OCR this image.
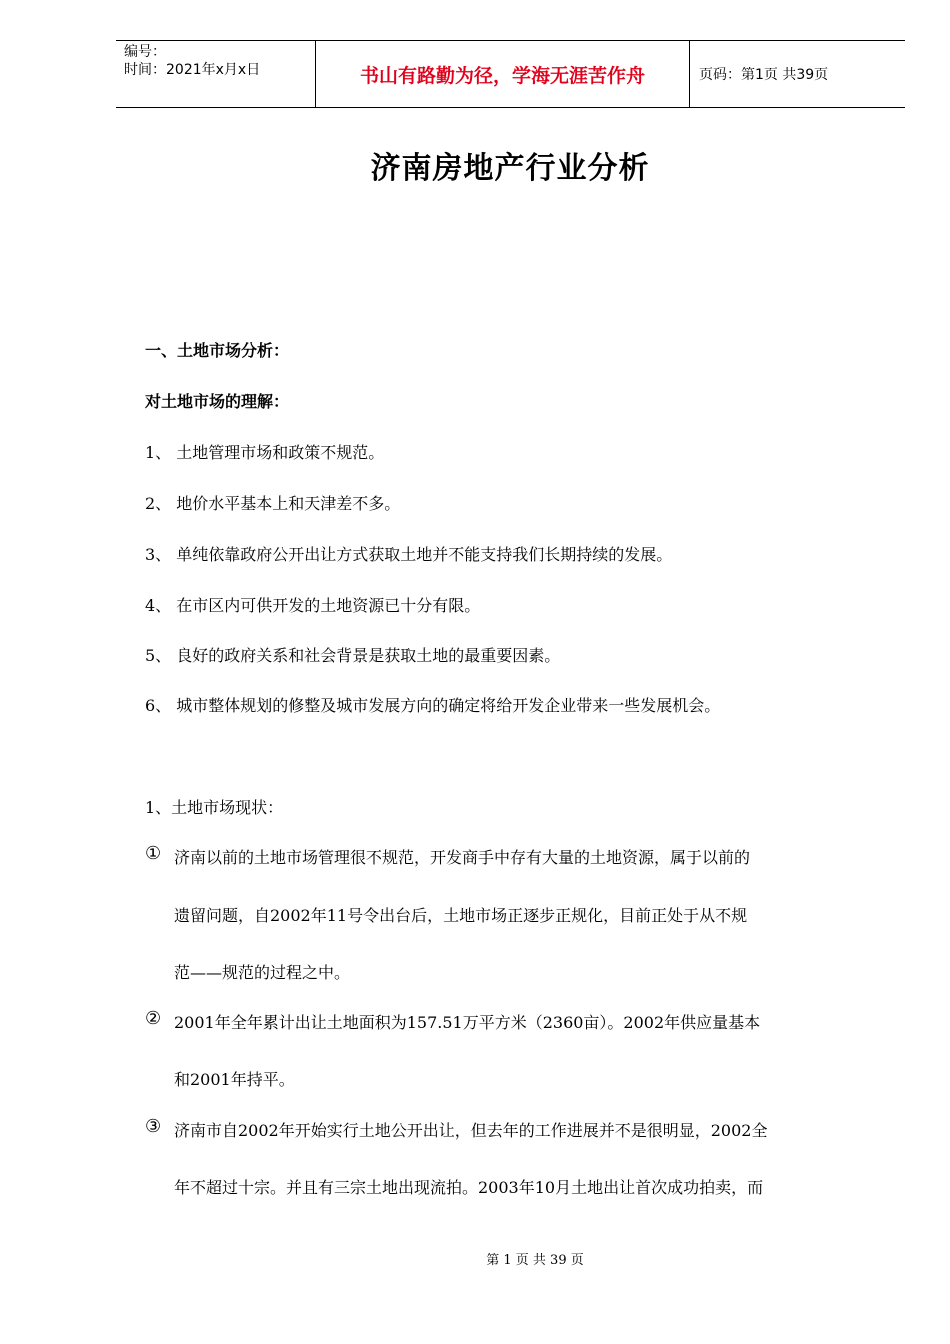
编号：
时间：2021年x月x日	书山有路勤为径，学海无涯苦作舟	页码：第1页 共39页
济南房地产行业分析
一、土地市场分析：
对土地市场的理解：
1、 土地管理市场和政策不规范。
2、 地价水平基本上和天津差不多。
3、 单纯依靠政府公开出让方式获取土地并不能支持我们长期持续的发展。
4、 在市区内可供开发的土地资源已十分有限。
5、 良好的政府关系和社会背景是获取土地的最重要因素。
6、 城市整体规划的修整及城市发展方向的确定将给开发企业带来一些发展机会。
1、土地市场现状：
① 济南以前的土地市场管理很不规范，开发商手中存有大量的土地资源，属于以前的
遗留问题，自2002年11号令出台后，土地市场正逐步正规化，目前正处于从不规
范——规范的过程之中。
② 2001年全年累计出让土地面积为157.51万平方米（2360亩）。2002年供应量基本
和2001年持平。
③ 济南市自2002年开始实行土地公开出让，但去年的工作进展并不是很明显，2002全
年不超过十宗。并且有三宗土地出现流拍。2003年10月土地出让首次成功拍卖，而
第 1 页 共 39 页
